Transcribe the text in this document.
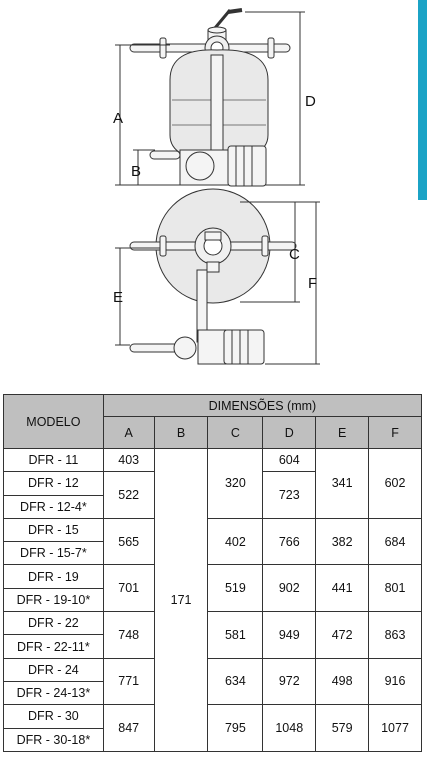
A
B
C
D
E
F
MODELO	DIMENSÕES (mm)					
	A	B	C	D	E	F
DFR - 11	403	171	320	604	341	602
DFR - 12	522			723		
DFR - 12-4*						
DFR - 15	565		402	766	382	684
DFR - 15-7*						
DFR - 19	701		519	902	441	801
DFR - 19-10*						
DFR - 22	748		581	949	472	863
DFR - 22-11*						
DFR - 24	771		634	972	498	916
DFR - 24-13*						
DFR - 30	847		795	1048	579	1077
DFR - 30-18*						
